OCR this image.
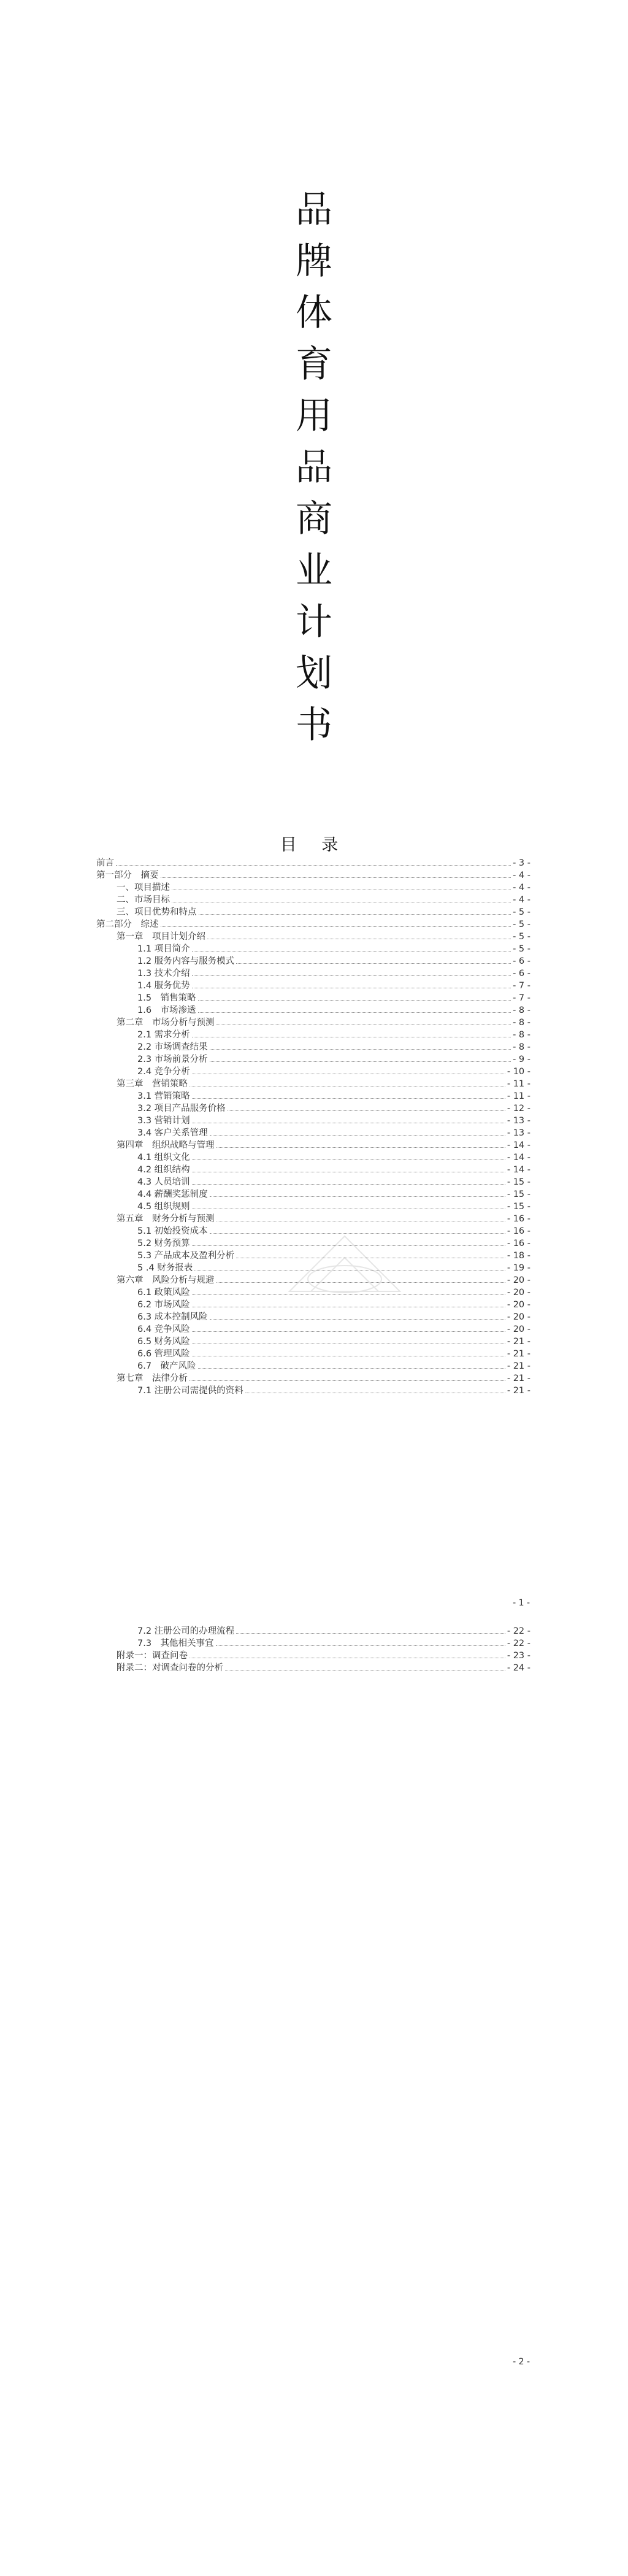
品
牌
体
育
用
品
商
业
计
划
书
目 录
前言	- 3 -
第一部分　摘要	- 4 -
一、项目描述	- 4 -
二、市场目标	- 4 -
三、项目优势和特点	- 5 -
第二部分　综述	- 5 -
第一章　项目计划介绍	- 5 -
1.1 项目简介	- 5 -
1.2 服务内容与服务模式	- 6 -
1.3 技术介绍	- 6 -
1.4 服务优势	- 7 -
1.5　销售策略	- 7 -
1.6　市场渗透	- 8 -
第二章　市场分析与预测	- 8 -
2.1 需求分析	- 8 -
2.2 市场调查结果	- 8 -
2.3 市场前景分析	- 9 -
2.4 竞争分析	- 10 -
第三章　营销策略	- 11 -
3.1 营销策略	- 11 -
3.2 项目产品服务价格	- 12 -
3.3 营销计划	- 13 -
3.4 客户关系管理	- 13 -
第四章　组织战略与管理	- 14 -
4.1 组织文化	- 14 -
4.2 组织结构	- 14 -
4.3 人员培训	- 15 -
4.4 薪酬奖惩制度	- 15 -
4.5 组织规则	- 15 -
第五章　财务分析与预测	- 16 -
5.1 初始投资成本	- 16 -
5.2 财务预算	- 16 -
5.3 产品成本及盈利分析	- 18 -
5 .4 财务报表	- 19 -
第六章　风险分析与规避	- 20 -
6.1 政策风险	- 20 -
6.2 市场风险	- 20 -
6.3 成本控制风险	- 20 -
6.4 竞争风险	- 20 -
6.5 财务风险	- 21 -
6.6 管理风险	- 21 -
6.7　破产风险	- 21 -
第七章　法律分析	- 21 -
7.1 注册公司需提供的资料	- 21 -
- 1 -
7.2 注册公司的办理流程	- 22 -
7.3　其他相关事宜	- 22 -
附录一：调查问卷	- 23 -
附录二：对调查问卷的分析	- 24 -
- 2 -
